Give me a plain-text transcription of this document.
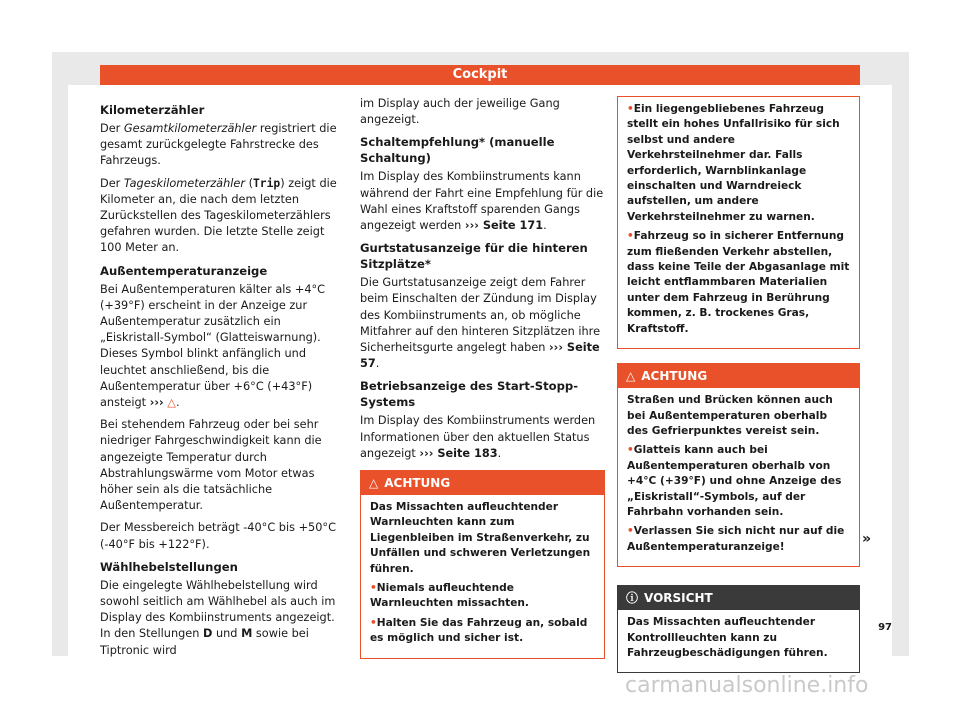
Cockpit
Kilometerzähler

Der Gesamtkilometerzähler registriert die gesamt zurückgelegte Fahrstrecke des Fahrzeugs.

Der Tageskilometerzähler (Trip) zeigt die Kilometer an, die nach dem letzten Zurückstellen des Tageskilometerzählers gefahren wurden. Die letzte Stelle zeigt 100 Meter an.

Außentemperaturanzeige

Bei Außentemperaturen kälter als +4°C (+39°F) erscheint in der Anzeige zur Außentemperatur zusätzlich ein „Eiskristall-Symbol“ (Glatteiswarnung). Dieses Symbol blinkt anfänglich und leuchtet anschließend, bis die Außentemperatur über +6°C (+43°F) ansteigt ››› △.

Bei stehendem Fahrzeug oder bei sehr niedriger Fahrgeschwindigkeit kann die angezeigte Temperatur durch Abstrahlungswärme vom Motor etwas höher sein als die tatsächliche Außentemperatur.

Der Messbereich beträgt -40°C bis +50°C (-40°F bis +122°F).

Wählhebelstellungen

Die eingelegte Wählhebelstellung wird sowohl seitlich am Wählhebel als auch im Display des Kombiinstruments angezeigt. In den Stellungen D und M sowie bei Tiptronic wird

im Display auch der jeweilige Gang angezeigt.

Schaltempfehlung* (manuelle Schaltung)

Im Display des Kombiinstruments kann während der Fahrt eine Empfehlung für die Wahl eines Kraftstoff sparenden Gangs angezeigt werden ››› Seite 171.

Gurtstatusanzeige für die hinteren Sitzplätze*

Die Gurtstatusanzeige zeigt dem Fahrer beim Einschalten der Zündung im Display des Kombiinstruments an, ob mögliche Mitfahrer auf den hinteren Sitzplätzen ihre Sicherheitsgurte angelegt haben ››› Seite 57.

Betriebsanzeige des Start-Stopp-Systems

Im Display des Kombiinstruments werden Informationen über den aktuellen Status angezeigt ››› Seite 183.

△ ACHTUNG

Das Missachten aufleuchtender Warnleuchten kann zum Liegenbleiben im Straßenverkehr, zu Unfällen und schweren Verletzungen führen.

• Niemals aufleuchtende Warnleuchten missachten.

• Halten Sie das Fahrzeug an, sobald es möglich und sicher ist.

• Ein liegengebliebenes Fahrzeug stellt ein hohes Unfallrisiko für sich selbst und andere Verkehrsteilnehmer dar. Falls erforderlich, Warnblinkanlage einschalten und Warndreieck aufstellen, um andere Verkehrsteilnehmer zu warnen.

• Fahrzeug so in sicherer Entfernung zum fließenden Verkehr abstellen, dass keine Teile der Abgasanlage mit leicht entflammbaren Materialien unter dem Fahrzeug in Berührung kommen, z. B. trockenes Gras, Kraftstoff.

△ ACHTUNG

Straßen und Brücken können auch bei Außentemperaturen oberhalb des Gefrierpunktes vereist sein.

• Glatteis kann auch bei Außentemperaturen oberhalb von +4°C (+39°F) und ohne Anzeige des „Eiskristall“-Symbols, auf der Fahrbahn vorhanden sein.

• Verlassen Sie sich nicht nur auf die Außentemperaturanzeige!

ⓘ VORSICHT

Das Missachten aufleuchtender Kontrollleuchten kann zu Fahrzeugbeschädigungen führen.

»
97
carmanualsonline.info
